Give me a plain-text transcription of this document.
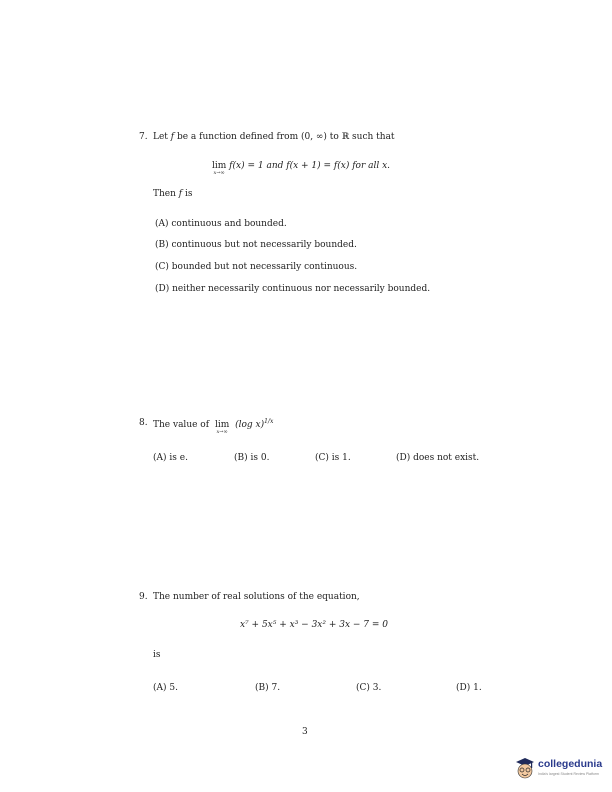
7. Let f be a function defined from (0, ∞) to ℝ such that
lim
x→∞
f(x) = 1 and f(x + 1) = f(x) for all x.
Then f is
(A) continuous and bounded.
(B) continuous but not necessarily bounded.
(C) bounded but not necessarily continuous.
(D) neither necessarily continuous nor necessarily bounded.
8. The value of lim
x→∞
(log x)$^{1/x}$
(A) is e.	(B) is 0.	(C) is 1.	(D) does not exist.
9. The number of real solutions of the equation,
x⁷ + 5x⁵ + x³ − 3x² + 3x − 7 = 0
is
(A) 5.	(B) 7.	(C) 3.	(D) 1.
3
collegedunia
India's largest Student Review Platform
